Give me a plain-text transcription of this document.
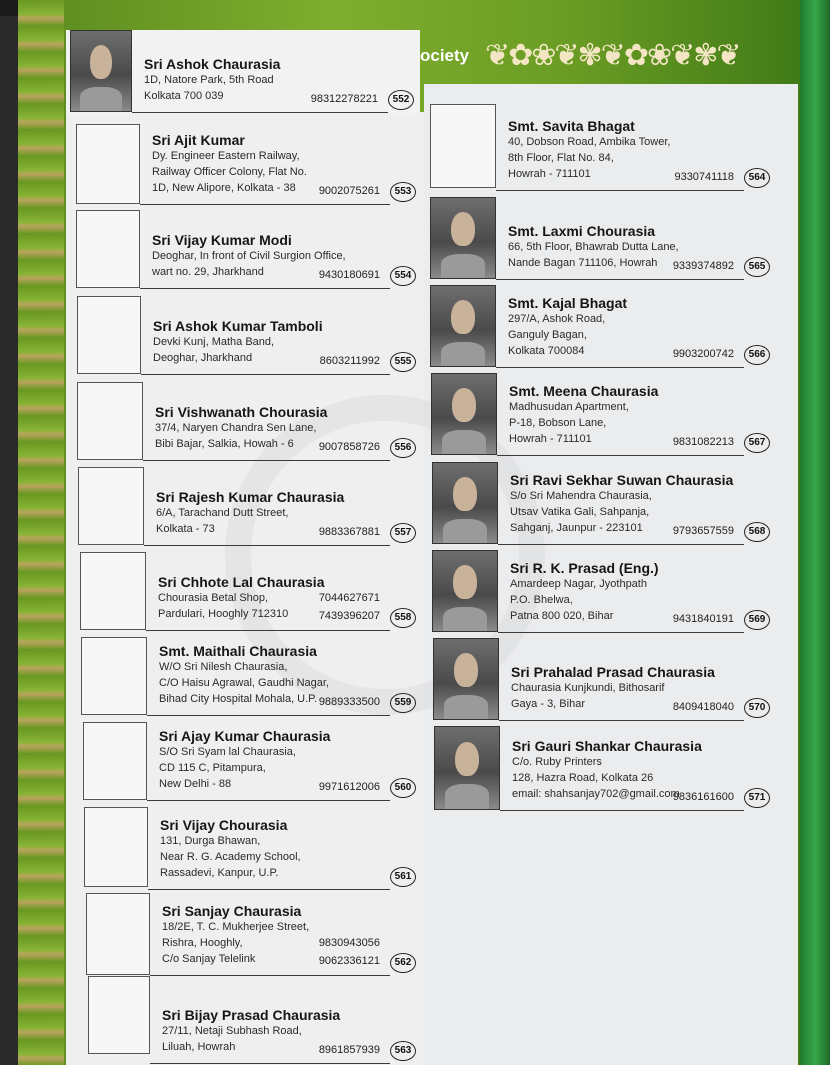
❦✿❀❦✾❦✿❀❦✾❦
ociety
Sri Ashok Chaurasia
1D, Natore Park, 5th Road
Kolkata 700 039	98312278221	552
Sri Ajit Kumar
Dy. Engineer Eastern Railway,
Railway Officer Colony, Flat No.
1D, New Alipore, Kolkata - 38	9002075261	553
Sri Vijay Kumar Modi
Deoghar, In front of Civil Surgion Office,
wart no. 29, Jharkhand	9430180691	554
Sri Ashok Kumar Tamboli
Devki Kunj, Matha Band,
Deoghar, Jharkhand	8603211992	555
Sri Vishwanath Chourasia
37/4, Naryen Chandra Sen Lane,
Bibi Bajar, Salkia, Howah - 6	9007858726	556
Sri Rajesh Kumar Chaurasia
6/A, Tarachand Dutt Street,
Kolkata - 73	9883367881	557
Sri Chhote Lal Chaurasia
Chourasia Betal Shop,
Pardulari, Hooghly 712310
7044627671
7439396207	558
Smt. Maithali Chaurasia
W/O Sri Nilesh Chaurasia,
C/O Haisu Agrawal, Gaudhi Nagar,
Bihad City Hospital Mohala, U.P. 9889333500	559
Sri Ajay Kumar Chaurasia
S/O Sri Syam lal Chaurasia,
CD 115 C, Pitampura,
New Delhi - 88	9971612006	560
Sri Vijay Chourasia
131, Durga Bhawan,
Near R. G. Academy School,
Rassadevi, Kanpur, U.P.	561
Sri Sanjay Chaurasia
18/2E, T. C. Mukherjee Street,
Rishra, Hooghly,
C/o Sanjay Telelink
9830943056
9062336121	562
Sri Bijay Prasad Chaurasia
27/11, Netaji Subhash Road,
Liluah, Howrah	8961857939	563
Smt. Savita Bhagat
40, Dobson Road, Ambika Tower,
8th Floor, Flat No. 84,
Howrah - 711101	9330741118	564
Smt. Laxmi Chourasia
66, 5th Floor, Bhawrab Dutta Lane,
Nande Bagan 711106, Howrah	9339374892	565
Smt. Kajal Bhagat
297/A, Ashok Road,
Ganguly Bagan,
Kolkata 700084	9903200742	566
Smt. Meena Chaurasia
Madhusudan Apartment,
P-18, Bobson Lane,
Howrah - 711101	9831082213	567
Sri Ravi Sekhar Suwan Chaurasia
S/o Sri Mahendra Chaurasia,
Utsav Vatika Gali, Sahpanja,
Sahganj, Jaunpur - 223101	9793657559	568
Sri R. K. Prasad (Eng.)
Amardeep Nagar, Jyothpath
P.O. Bhelwa,
Patna 800 020, Bihar	9431840191	569
Sri Prahalad Prasad Chaurasia
Chaurasia Kunjkundi, Bithosarif
Gaya - 3, Bihar	8409418040	570
Sri Gauri Shankar Chaurasia
C/o. Ruby Printers
128, Hazra Road, Kolkata 26
email: shahsanjay702@gmail.com
9836161600	571
